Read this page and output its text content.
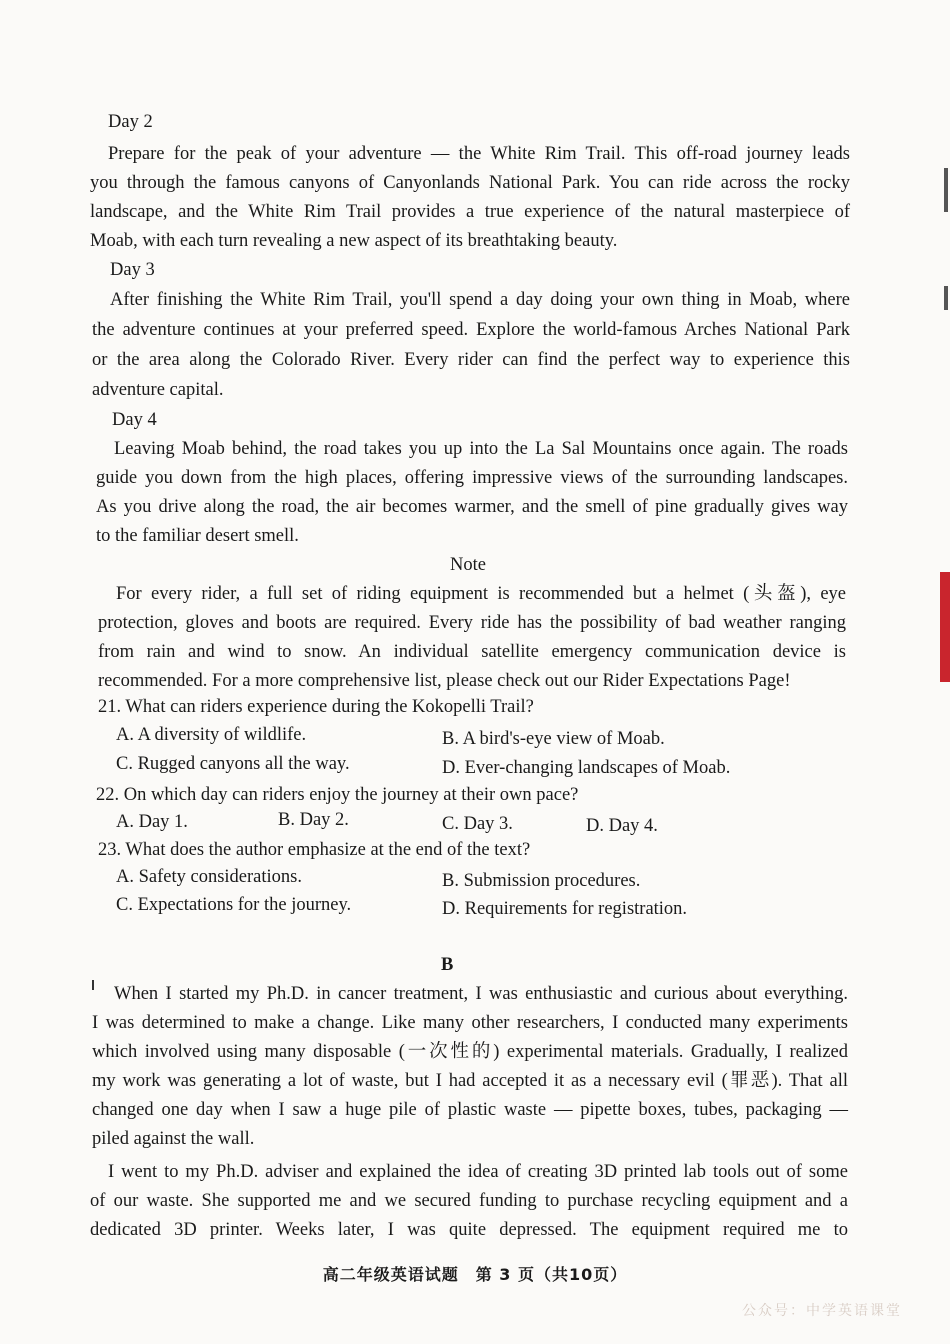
Day 2
Prepare for the peak of your adventure — the White Rim Trail. This off-road journey leads
you through the famous canyons of Canyonlands National Park. You can ride across the rocky
landscape, and the White Rim Trail provides a true experience of the natural masterpiece of
Moab, with each turn revealing a new aspect of its breathtaking beauty.
Day 3
After finishing the White Rim Trail, you'll spend a day doing your own thing in Moab, where
the adventure continues at your preferred speed. Explore the world-famous Arches National Park
or the area along the Colorado River. Every rider can find the perfect way to experience this
adventure capital.
Day 4
Leaving Moab behind, the road takes you up into the La Sal Mountains once again. The roads
guide you down from the high places, offering impressive views of the surrounding landscapes.
As you drive along the road, the air becomes warmer, and the smell of pine gradually gives way
to the familiar desert smell.
Note
For every rider, a full set of riding equipment is recommended but a helmet (头盔), eye
protection, gloves and boots are required. Every ride has the possibility of bad weather ranging
from rain and wind to snow. An individual satellite emergency communication device is
recommended. For a more comprehensive list, please check out our Rider Expectations Page!
21. What can riders experience during the Kokopelli Trail?
A. A diversity of wildlife.	B. A bird's-eye view of Moab.
C. Rugged canyons all the way.	D. Ever-changing landscapes of Moab.
22. On which day can riders enjoy the journey at their own pace?
A. Day 1.	B. Day 2.	C. Day 3.	D. Day 4.
23. What does the author emphasize at the end of the text?
A. Safety considerations.	B. Submission procedures.
C. Expectations for the journey.	D. Requirements for registration.
B
When I started my Ph.D. in cancer treatment, I was enthusiastic and curious about everything.
I was determined to make a change. Like many other researchers, I conducted many experiments
which involved using many disposable (一次性的) experimental materials. Gradually, I realized
my work was generating a lot of waste, but I had accepted it as a necessary evil (罪恶). That all
changed one day when I saw a huge pile of plastic waste — pipette boxes, tubes, packaging —
piled against the wall.
I went to my Ph.D. adviser and explained the idea of creating 3D printed lab tools out of some
of our waste. She supported me and we secured funding to purchase recycling equipment and a
dedicated 3D printer. Weeks later, I was quite depressed. The equipment required me to
高二年级英语试题　第 3 页（共10页）
公众号：中学英语课堂
